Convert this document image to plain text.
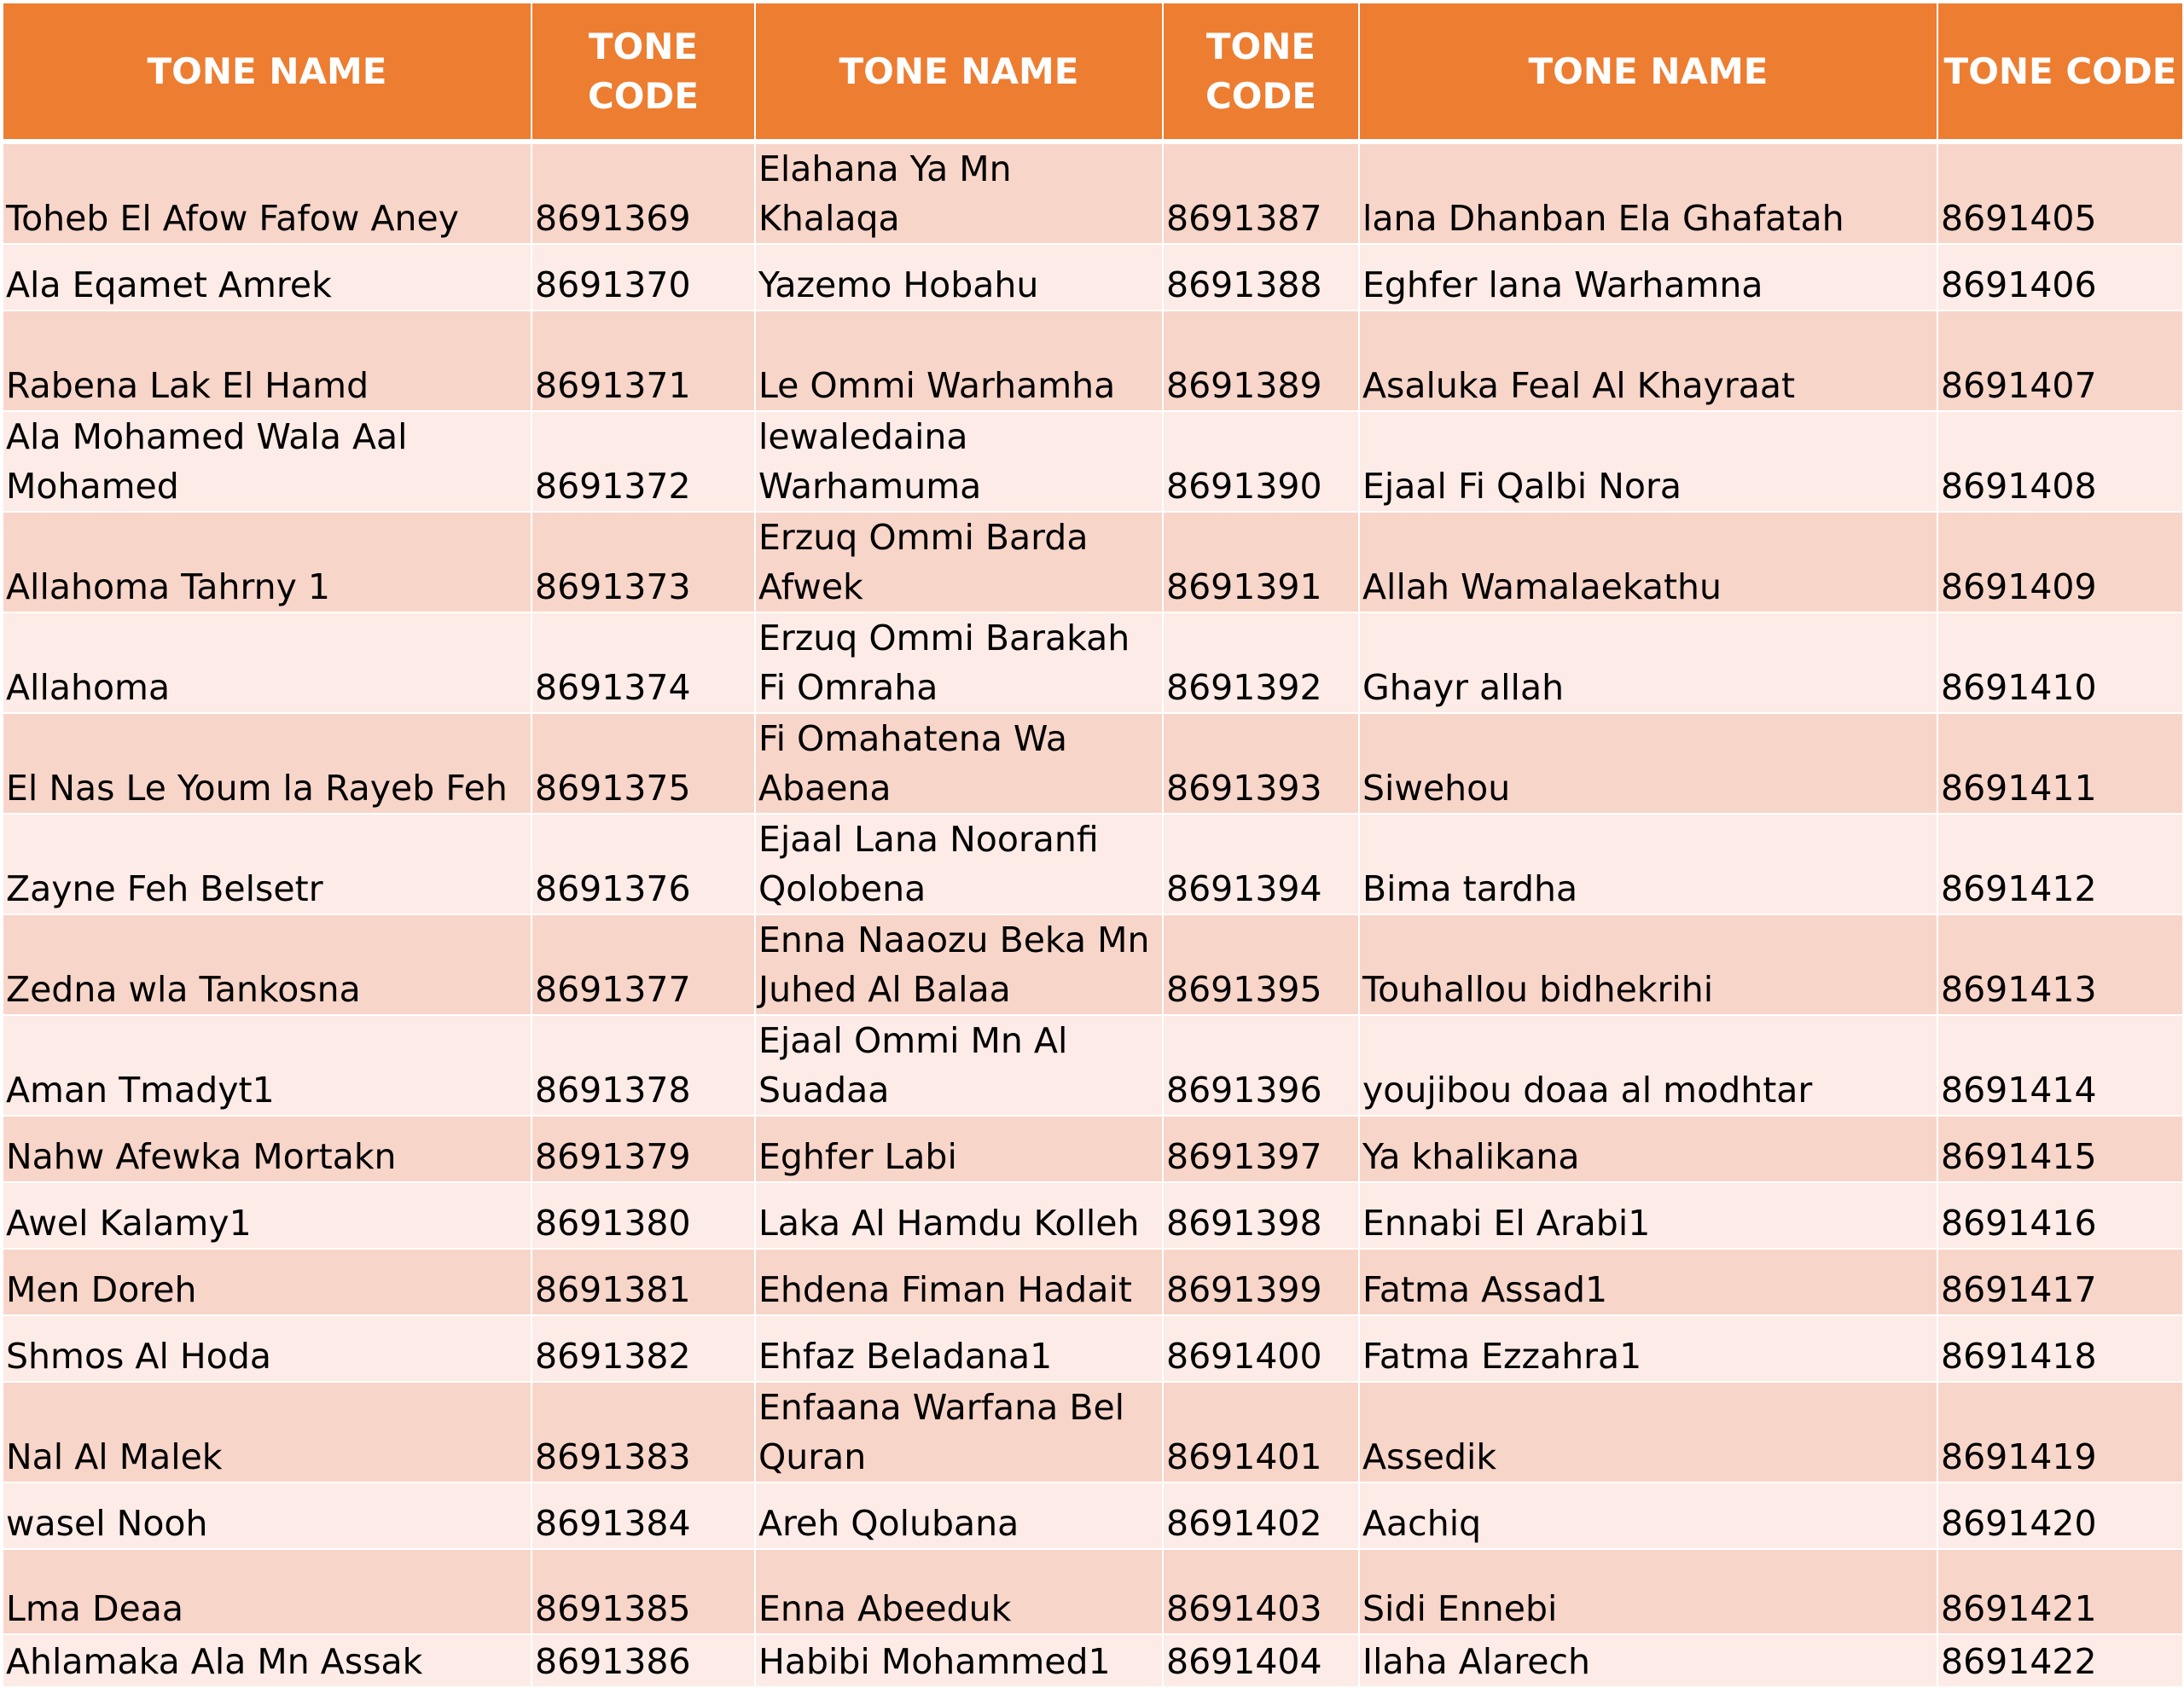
TONE NAME	TONE CODE	TONE NAME	TONE CODE	TONE NAME	TONE CODE
Toheb El Afow Fafow Aney	8691369	Elahana Ya Mn Khalaqa	8691387	lana Dhanban Ela Ghafatah	8691405
Ala Eqamet Amrek	8691370	Yazemo Hobahu	8691388	Eghfer lana Warhamna	8691406
Rabena Lak El Hamd	8691371	Le Ommi Warhamha	8691389	Asaluka Feal Al Khayraat	8691407
Ala Mohamed Wala Aal Mohamed	8691372	lewaledaina Warhamuma	8691390	Ejaal Fi Qalbi Nora	8691408
Allahoma Tahrny 1	8691373	Erzuq Ommi Barda Afwek	8691391	Allah Wamalaekathu	8691409
Allahoma	8691374	Erzuq Ommi Barakah Fi Omraha	8691392	Ghayr allah	8691410
El Nas Le Youm la Rayeb Feh	8691375	Fi Omahatena Wa Abaena	8691393	Siwehou	8691411
Zayne Feh Belsetr	8691376	Ejaal Lana Nooranfi Qolobena	8691394	Bima tardha	8691412
Zedna wla Tankosna	8691377	Enna Naaozu Beka Mn Juhed Al Balaa	8691395	Touhallou bidhekrihi	8691413
Aman Tmadyt1	8691378	Ejaal Ommi Mn Al Suadaa	8691396	youjibou doaa al modhtar	8691414
Nahw Afewka Mortakn	8691379	Eghfer Labi	8691397	Ya khalikana	8691415
Awel Kalamy1	8691380	Laka Al Hamdu Kolleh	8691398	Ennabi El Arabi1	8691416
Men Doreh	8691381	Ehdena Fiman Hadait	8691399	Fatma Assad1	8691417
Shmos Al Hoda	8691382	Ehfaz Beladana1	8691400	Fatma Ezzahra1	8691418
Nal Al Malek	8691383	Enfaana Warfana Bel Quran	8691401	Assedik	8691419
wasel Nooh	8691384	Areh Qolubana	8691402	Aachiq	8691420
Lma Deaa	8691385	Enna Abeeduk	8691403	Sidi Ennebi	8691421
Ahlamaka Ala Mn Assak	8691386	Habibi Mohammed1	8691404	Ilaha Alarech	8691422
